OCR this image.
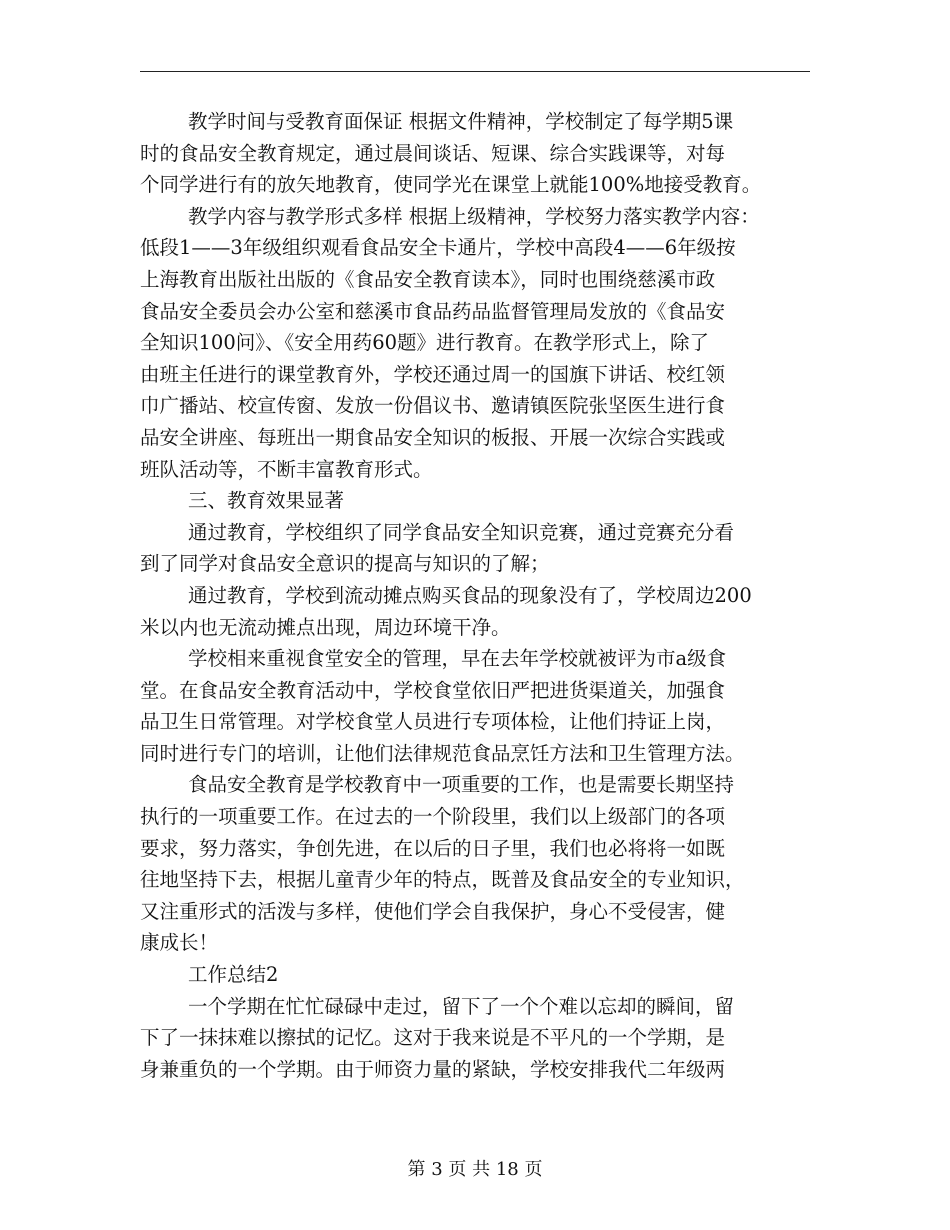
教学时间与受教育面保证 根据文件精神，学校制定了每学期5课
时的食品安全教育规定，通过晨间谈话、短课、综合实践课等，对每
个同学进行有的放矢地教育，使同学光在课堂上就能100%地接受教育。
教学内容与教学形式多样 根据上级精神，学校努力落实教学内容：
低段1——3年级组织观看食品安全卡通片，学校中高段4——6年级按
上海教育出版社出版的《食品安全教育读本》，同时也围绕慈溪市政
食品安全委员会办公室和慈溪市食品药品监督管理局发放的《食品安
全知识100问》、《安全用药60题》进行教育。在教学形式上，除了
由班主任进行的课堂教育外，学校还通过周一的国旗下讲话、校红领
巾广播站、校宣传窗、发放一份倡议书、邀请镇医院张坚医生进行食
品安全讲座、每班出一期食品安全知识的板报、开展一次综合实践或
班队活动等，不断丰富教育形式。
三、教育效果显著
通过教育，学校组织了同学食品安全知识竞赛，通过竞赛充分看
到了同学对食品安全意识的提高与知识的了解；
通过教育，学校到流动摊点购买食品的现象没有了，学校周边200
米以内也无流动摊点出现，周边环境干净。
学校相来重视食堂安全的管理，早在去年学校就被评为市a级食
堂。在食品安全教育活动中，学校食堂依旧严把进货渠道关，加强食
品卫生日常管理。对学校食堂人员进行专项体检，让他们持证上岗，
同时进行专门的培训，让他们法律规范食品烹饪方法和卫生管理方法。
食品安全教育是学校教育中一项重要的工作，也是需要长期坚持
执行的一项重要工作。在过去的一个阶段里，我们以上级部门的各项
要求，努力落实，争创先进，在以后的日子里，我们也必将将一如既
往地坚持下去，根据儿童青少年的特点，既普及食品安全的专业知识，
又注重形式的活泼与多样，使他们学会自我保护，身心不受侵害，健
康成长！
工作总结2
一个学期在忙忙碌碌中走过，留下了一个个难以忘却的瞬间，留
下了一抹抹难以擦拭的记忆。这对于我来说是不平凡的一个学期，是
身兼重负的一个学期。由于师资力量的紧缺，学校安排我代二年级两
第 3 页 共 18 页
